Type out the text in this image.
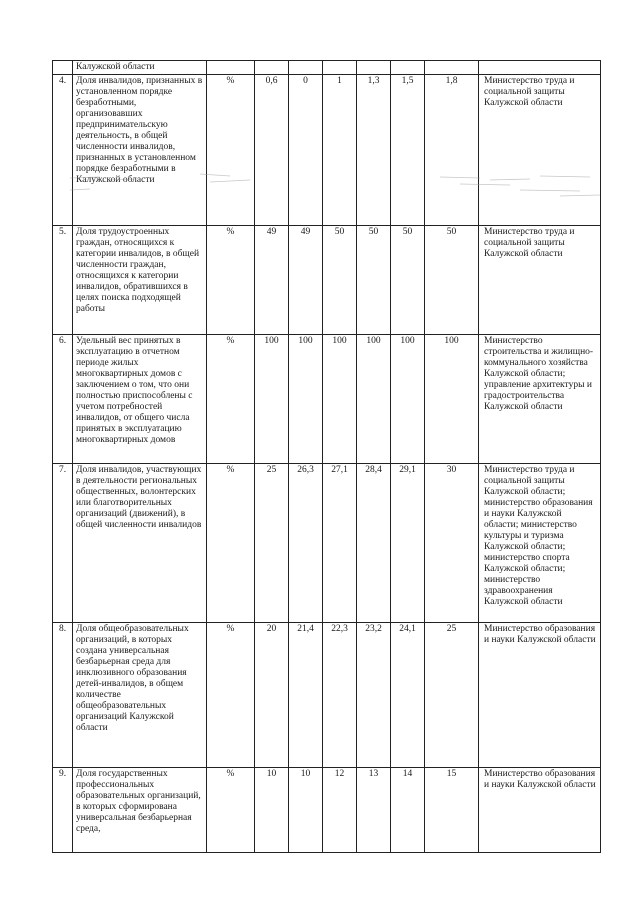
	Калужской области								
4.	Доля инвалидов, признанных в установленном порядке безработными, организовавших предпринимательскую деятельность, в общей численности инвалидов, признанных в установленном порядке безработными в Калужской области	%	0,6	0	1	1,3	1,5	1,8	Министерство труда и социальной защиты Калужской области
5.	Доля трудоустроенных граждан, относящихся к категории инвалидов, в общей численности граждан, относящихся к категории инвалидов, обратившихся в целях поиска подходящей работы	%	49	49	50	50	50	50	Министерство труда и социальной защиты Калужской области
6.	Удельный вес принятых в эксплуатацию в отчетном периоде жилых многоквартирных домов с заключением о том, что они полностью приспособлены с учетом потребностей инвалидов, от общего числа принятых в эксплуатацию многоквартирных домов	%	100	100	100	100	100	100	Министерство строительства и жилищно-коммунального хозяйства Калужской области; управление архитектуры и градостроительства Калужской области
7.	Доля инвалидов, участвующих в деятельности региональных общественных, волонтерских или благотворительных организаций (движений), в общей численности инвалидов	%	25	26,3	27,1	28,4	29,1	30	Министерство труда и социальной защиты Калужской области; министерство образования и науки Калужской области; министерство культуры и туризма Калужской области; министерство спорта Калужской области; министерство здравоохранения Калужской области
8.	Доля общеобразовательных организаций, в которых создана универсальная безбарьерная среда для инклюзивного образования детей-инвалидов, в общем количестве общеобразовательных организаций Калужской области	%	20	21,4	22,3	23,2	24,1	25	Министерство образования и науки Калужской области
9.	Доля государственных профессиональных образовательных организаций, в которых сформирована универсальная безбарьерная среда,	%	10	10	12	13	14	15	Министерство образования и науки Калужской области
